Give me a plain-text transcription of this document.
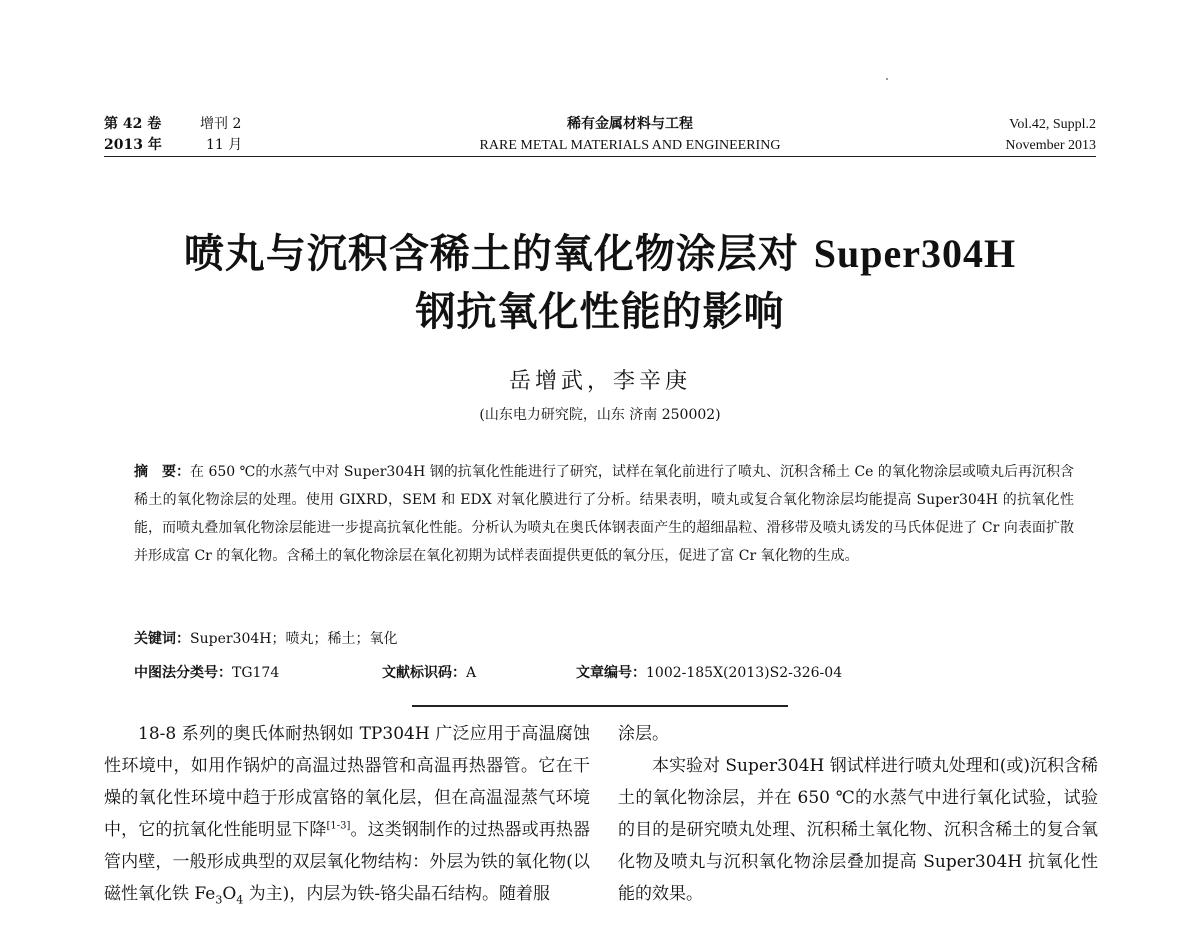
第 42 卷	增刊 2
2013 年	11 月
稀有金属材料与工程
RARE METAL MATERIALS AND ENGINEERING
Vol.42, Suppl.2
November 2013
喷丸与沉积含稀土的氧化物涂层对 Super304H
钢抗氧化性能的影响
岳增武，李辛庚
(山东电力研究院，山东 济南 250002)
摘　要：在 650 ℃的水蒸气中对 Super304H 钢的抗氧化性能进行了研究，试样在氧化前进行了喷丸、沉积含稀土 Ce 的氧化物涂层或喷丸后再沉积含稀土的氧化物涂层的处理。使用 GIXRD，SEM 和 EDX 对氧化膜进行了分析。结果表明，喷丸或复合氧化物涂层均能提高 Super304H 的抗氧化性能，而喷丸叠加氧化物涂层能进一步提高抗氧化性能。分析认为喷丸在奥氏体钢表面产生的超细晶粒、滑移带及喷丸诱发的马氏体促进了 Cr 向表面扩散并形成富 Cr 的氧化物。含稀土的氧化物涂层在氧化初期为试样表面提供更低的氧分压，促进了富 Cr 氧化物的生成。
关键词：Super304H；喷丸；稀土；氧化
中图法分类号：TG174	文献标识码：A	文章编号：1002-185X(2013)S2-326-04

18-8 系列的奥氏体耐热钢如 TP304H 广泛应用于高温腐蚀性环境中，如用作锅炉的高温过热器管和高温再热器管。它在干燥的氧化性环境中趋于形成富铬的氧化层，但在高温湿蒸气环境中，它的抗氧化性能明显下降[1-3]。这类钢制作的过热器或再热器管内壁，一般形成典型的双层氧化物结构：外层为铁的氧化物(以磁性氧化铁 $Fe_3O_4$ 为主)，内层为铁-铬尖晶石结构。随着服

涂层。

本实验对 Super304H 钢试样进行喷丸处理和(或)沉积含稀土的氧化物涂层，并在 650 ℃的水蒸气中进行氧化试验，试验的目的是研究喷丸处理、沉积稀土氧化物、沉积含稀土的复合氧化物及喷丸与沉积氧化物涂层叠加提高 Super304H 抗氧化性能的效果。
